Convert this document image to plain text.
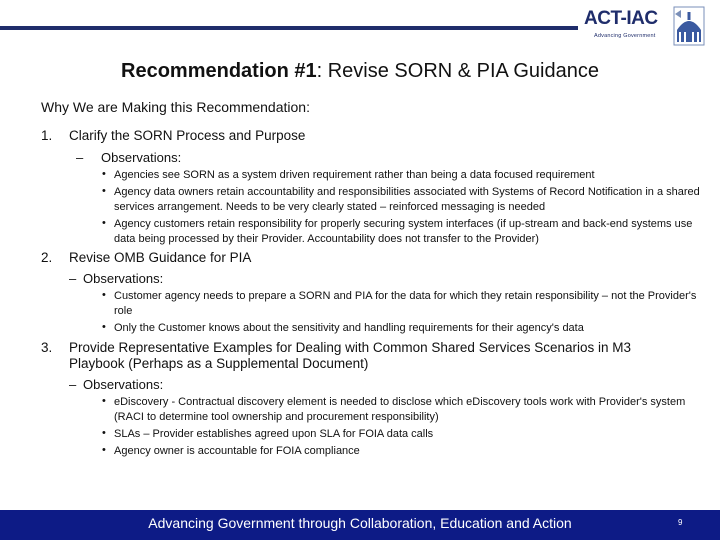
ACT-IAC
Advancing Government
Recommendation #1: Revise SORN & PIA Guidance
Why We are Making this Recommendation:
1. Clarify the SORN Process and Purpose
– Observations:
• Agencies see SORN as a system driven requirement rather than being a data focused requirement
• Agency data owners retain accountability and responsibilities associated with Systems of Record Notification in a shared services arrangement. Needs to be very clearly stated – reinforced messaging is needed
• Agency customers retain responsibility for properly securing system interfaces (if up-stream and back-end systems use data being processed by their Provider. Accountability does not transfer to the Provider)
2. Revise OMB Guidance for PIA
– Observations:
• Customer agency needs to prepare a SORN and PIA for the data for which they retain responsibility – not the Provider's role
• Only the Customer knows about the sensitivity and handling requirements for their agency's data
3. Provide Representative Examples for Dealing with Common Shared Services Scenarios in M3 Playbook (Perhaps as a Supplemental Document)
– Observations:
• eDiscovery - Contractual discovery element is needed to disclose which eDiscovery tools work with Provider's system (RACI to determine tool ownership and procurement responsibility)
• SLAs – Provider establishes agreed upon SLA for FOIA data calls
• Agency owner is accountable for FOIA compliance
Advancing Government through Collaboration, Education and Action	9
